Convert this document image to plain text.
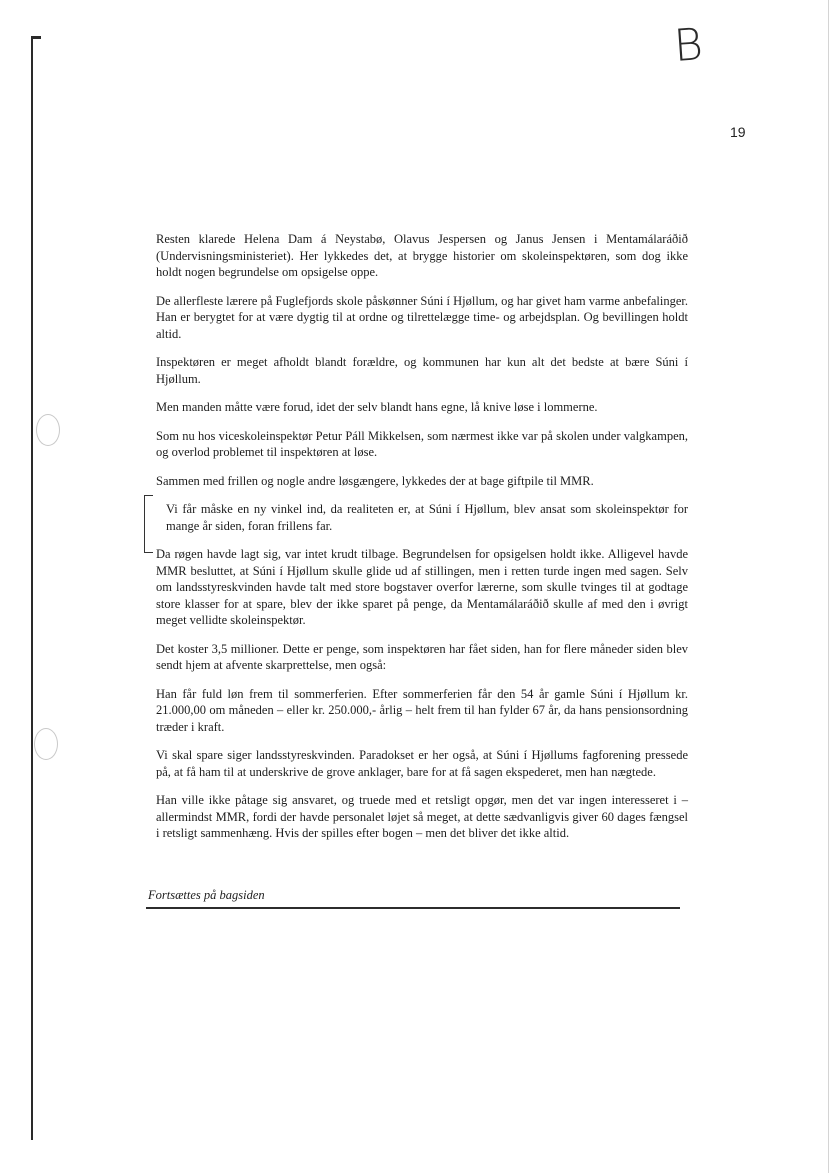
B
19

Resten klarede Helena Dam á Neystabø, Olavus Jespersen og Janus Jensen i Mentamálaráðið (Undervisningsministeriet). Her lykkedes det, at brygge historier om skoleinspektøren, som dog ikke holdt nogen begrundelse om opsigelse oppe.

De allerfleste lærere på Fuglefjords skole påskønner Súni í Hjøllum, og har givet ham varme anbefalinger. Han er berygtet for at være dygtig til at ordne og tilrettelægge time- og arbejdsplan. Og bevillingen holdt altid.

Inspektøren er meget afholdt blandt forældre, og kommunen har kun alt det bedste at bære Súni í Hjøllum.

Men manden måtte være forud, idet der selv blandt hans egne, lå knive løse i lommerne.

Som nu hos viceskoleinspektør Petur Páll Mikkelsen, som nærmest ikke var på skolen under valgkampen, og overlod problemet til inspektøren at løse.

Sammen med frillen og nogle andre løsgængere, lykkedes der at bage giftpile til MMR.

Vi får måske en ny vinkel ind, da realiteten er, at Súni í Hjøllum, blev ansat som skoleinspektør for mange år siden, foran frillens far.

Da røgen havde lagt sig, var intet krudt tilbage. Begrundelsen for opsigelsen holdt ikke. Alligevel havde MMR besluttet, at Súni í Hjøllum skulle glide ud af stillingen, men i retten turde ingen med sagen. Selv om landsstyreskvinden havde talt med store bogstaver overfor lærerne, som skulle tvinges til at godtage store klasser for at spare, blev der ikke sparet på penge, da Mentamálaráðið skulle af med den i øvrigt meget vellidte skoleinspektør.

Det koster 3,5 millioner. Dette er penge, som inspektøren har fået siden, han for flere måneder siden blev sendt hjem at afvente skarprettelse, men også:

Han får fuld løn frem til sommerferien. Efter sommerferien får den 54 år gamle Súni í Hjøllum kr. 21.000,00 om måneden – eller kr. 250.000,- årlig – helt frem til han fylder 67 år, da hans pensionsordning træder i kraft.

Vi skal spare siger landsstyreskvinden. Paradokset er her også, at Súni í Hjøllums fagforening pressede på, at få ham til at underskrive de grove anklager, bare for at få sagen ekspederet, men han nægtede.

Han ville ikke påtage sig ansvaret, og truede med et retsligt opgør, men det var ingen interesseret i – allermindst MMR, fordi der havde personalet løjet så meget, at dette sædvanligvis giver 60 dages fængsel i retsligt sammenhæng. Hvis der spilles efter bogen – men det bliver det ikke altid.

Fortsættes på bagsiden
